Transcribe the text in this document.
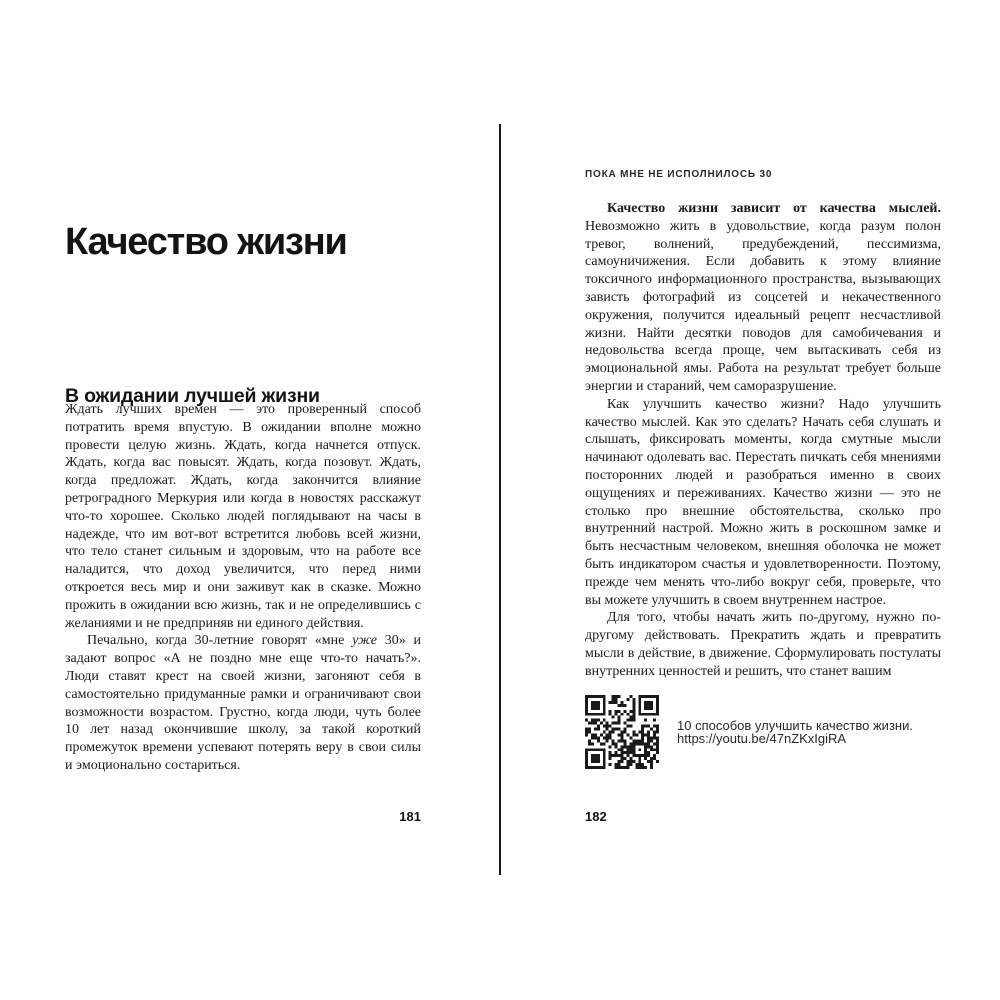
Качество жизни
В ожидании лучшей жизни

Ждать лучших времен — это проверенный способ потратить время впустую. В ожидании вполне можно провести целую жизнь. Ждать, когда начнется отпуск. Ждать, когда вас повысят. Ждать, когда позовут. Ждать, когда предложат. Ждать, когда закончится влияние ретроградного Меркурия или когда в новостях расскажут что-то хорошее. Сколько людей поглядывают на часы в надежде, что им вот-вот встретится любовь всей жизни, что тело станет сильным и здоровым, что на работе все наладится, что доход увеличится, что перед ними откроется весь мир и они заживут как в сказке. Можно прожить в ожидании всю жизнь, так и не определившись с желаниями и не предприняв ни единого действия.

Печально, когда 30-летние говорят «мне уже 30» и задают вопрос «А не поздно мне еще что-то начать?». Люди ставят крест на своей жизни, загоняют себя в самостоятельно придуманные рамки и ограничивают свои возможности возрастом. Грустно, когда люди, чуть более 10 лет назад окончившие школу, за такой короткий промежуток времени успевают потерять веру в свои силы и эмоционально состариться.

181
ПОКА МНЕ НЕ ИСПОЛНИЛОСЬ 30

Качество жизни зависит от качества мыслей. Невозможно жить в удовольствие, когда разум полон тревог, волнений, предубеждений, пессимизма, самоуничижения. Если добавить к этому влияние токсичного информационного пространства, вызывающих зависть фотографий из соцсетей и некачественного окружения, получится идеальный рецепт несчастливой жизни. Найти десятки поводов для самобичевания и недовольства всегда проще, чем вытаскивать себя из эмоциональной ямы. Работа на результат требует больше энергии и стараний, чем саморазрушение.

Как улучшить качество жизни? Надо улучшить качество мыслей. Как это сделать? Начать себя слушать и слышать, фиксировать моменты, когда смутные мысли начинают одолевать вас. Перестать пичкать себя мнениями посторонних людей и разобраться именно в своих ощущениях и переживаниях. Качество жизни — это не столько про внешние обстоятельства, сколько про внутренний настрой. Можно жить в роскошном замке и быть несчастным человеком, внешняя оболочка не может быть индикатором счастья и удовлетворенности. Поэтому, прежде чем менять что-либо вокруг себя, проверьте, что вы можете улучшить в своем внутреннем настрое.

Для того, чтобы начать жить по-другому, нужно по-другому действовать. Прекратить ждать и превратить мысли в действие, в движение. Сформулировать постулаты внутренних ценностей и решить, что станет вашим

10 способов улучшить качество жизни.

https://youtu.be/47nZKxIgiRA

182
